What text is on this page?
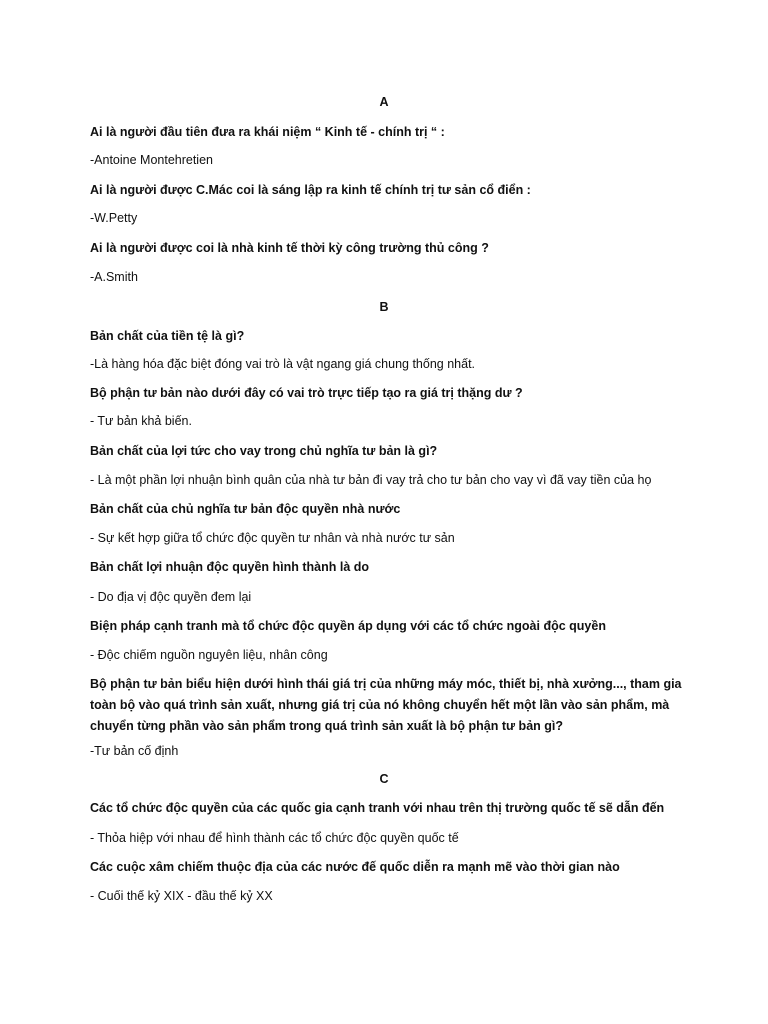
A
Ai là người đầu tiên đưa ra khái niệm “ Kinh tế - chính trị “ :
-Antoine Montehretien
Ai là người được C.Mác coi là sáng lập ra kinh tế chính trị tư sản cổ điển :
-W.Petty
Ai là người được coi là nhà kinh tế thời kỳ công trường thủ công ?
-A.Smith
B
Bản chất của tiền tệ là gì?
-Là hàng hóa đặc biệt đóng vai trò là vật ngang giá chung thống nhất.
Bộ phận tư bản nào dưới đây có vai trò trực tiếp tạo ra giá trị thặng dư ?
- Tư bản khả biến.
Bản chất của lợi tức cho vay trong chủ nghĩa tư bản là gì?
- Là một phần lợi nhuận bình quân của nhà tư bản đi vay trả cho tư bản cho vay vì đã vay tiền của họ
Bản chất của chủ nghĩa tư bản độc quyền nhà nước
- Sự kết hợp giữa tổ chức độc quyền tư nhân và nhà nước tư sản
Bản chất lợi nhuận độc quyền hình thành là do
- Do địa vị độc quyền đem lại
Biện pháp cạnh tranh mà tổ chức độc quyền áp dụng với các tổ chức ngoài độc quyền
- Độc chiếm nguồn nguyên liệu, nhân công
Bộ phận tư bản biểu hiện dưới hình thái giá trị của những máy móc, thiết bị, nhà xưởng..., tham gia toàn bộ vào quá trình sản xuất, nhưng giá trị của nó không chuyển hết một lần vào sản phẩm, mà chuyển từng phần vào sản phẩm trong quá trình sản xuất là bộ phận tư bản gì?
-Tư bản cố định
C
Các tổ chức độc quyền của các quốc gia cạnh tranh với nhau trên thị trường quốc tế sẽ dẫn đến
- Thỏa hiệp với nhau để hình thành các tổ chức độc quyền quốc tế
Các cuộc xâm chiếm thuộc địa của các nước đế quốc diễn ra mạnh mẽ vào thời gian nào
- Cuối thế kỷ XIX - đầu thế kỷ XX
